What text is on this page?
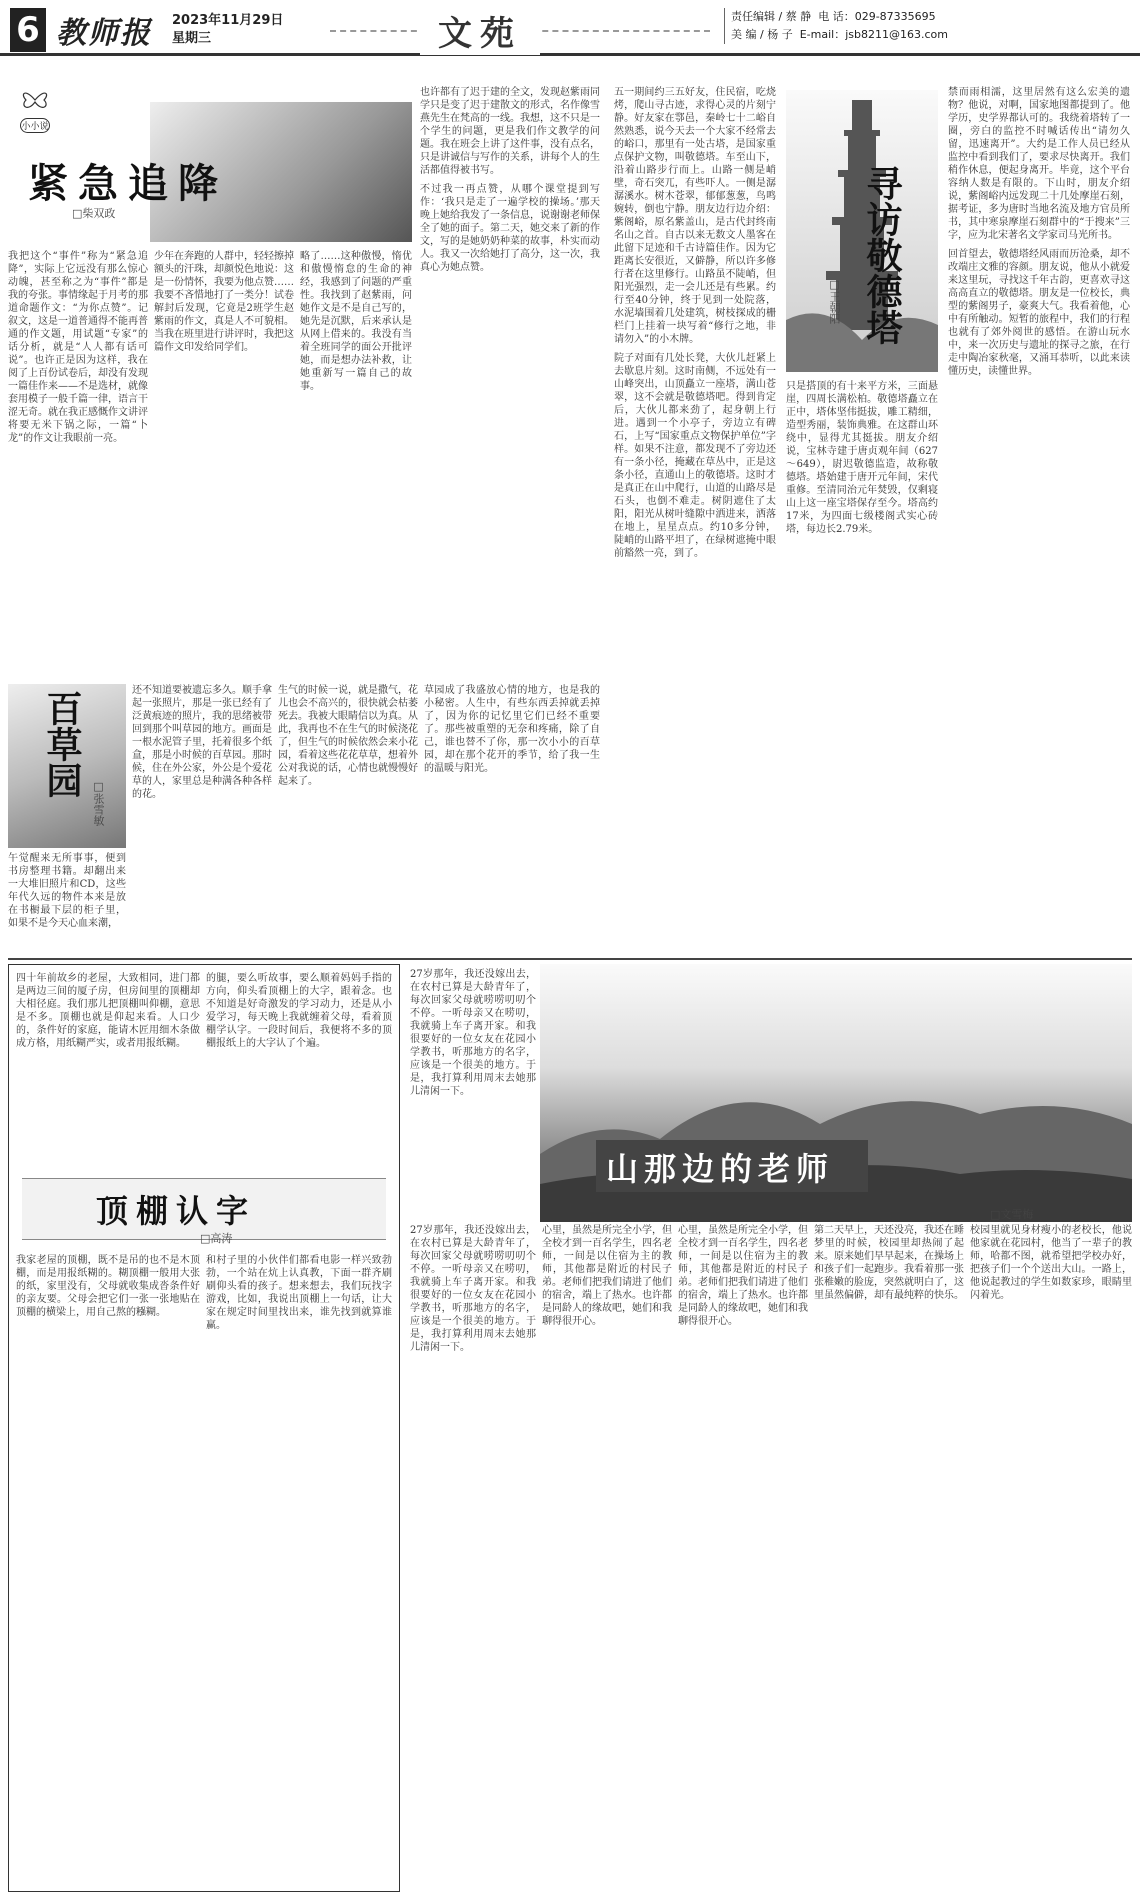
6 教师报 2023年11月29日
星期三	文苑	责任编辑 / 蔡 静 电 话：029-87335695
美 编 / 杨 子 E-mail：jsb8211@163.com
小小说
紧急追降
□柴双政

我把这个“事件”称为“紧急追降”，实际上它远没有那么惊心动魄，甚至称之为“事件”都是我的夸张。事情缘起于月考的那道命题作文：“为你点赞”。记叙文，这是一道普通得不能再普通的作文题，用试题“专家”的话分析，就是“人人都有话可说”。也许正是因为这样，我在阅了上百份试卷后，却没有发现一篇佳作来——不是选材，就像套用模子一般千篇一律，语言干涩无奇。就在我正感慨作文讲评将要无米下锅之际，一篇“卜龙”的作文让我眼前一亮。

少年在奔跑的人群中，轻轻擦掉额头的汗珠，却颜悦色地说：这是一份情怀，我要为他点赞……我要不吝惜地打了一类分！试卷解封后发现，它竟是2班学生赵紫雨的作文，真是人不可貌相。当我在班里进行讲评时，我把这篇作文印发给同学们。

略了……这种傲慢，惰优和傲慢惰怠的生命的神经，我感到了问题的严重性。我找到了赵紫雨，问她作文是不是自己写的，她先是沉默，后来承认是从网上借来的。我没有当着全班同学的面公开批评她，而是想办法补救，让她重新写一篇自己的故事。

也许都有了迟于建的全文，发现赵紫雨同学只是变了迟于建散文的形式，名作像雪燕先生在梵高的一线。我想，这不只是一个学生的问题，更是我们作文教学的问题。我在班会上讲了这件事，没有点名，只是讲诚信与写作的关系，讲每个人的生活都值得被书写。

不过我一再点赞，从哪个课堂提到写作：‘我只是走了一遍学校的操场。’那天晚上她给我发了一条信息，说谢谢老师保全了她的面子。第二天，她交来了新的作文，写的是她奶奶种菜的故事，朴实而动人。我又一次给她打了高分，这一次，我真心为她点赞。

五一期间约三五好友，住民宿，吃烧烤，爬山寻古迹，求得心灵的片刻宁静。好友家在鄠邑，秦岭七十二峪自然熟悉，说今天去一个大家不经常去的峪口，那里有一处古塔，是国家重点保护文物，叫敬德塔。车至山下，沿着山路步行而上。山路一侧是峭壁，奇石突兀，有些吓人。一侧是潺潺溪水。树木苍翠，郁郁葱葱，鸟鸣婉转，倒也宁静。朋友边行边介绍：紫阁峪，原名紫盖山，是古代封终南名山之首。自古以来无数文人墨客在此留下足迹和千古诗篇佳作。因为它距离长安很近，又僻静，所以许多修行者在这里修行。山路虽不陡峭，但阳光强烈，走一会儿还是有些累。约行至40分钟，终于见到一处院落，水泥墙围着几处建筑，树枝探成的栅栏门上挂着一块写着“修行之地，非请勿入”的小木牌。

院子对面有几处长凳，大伙儿赶紧上去歇息片刻。这时南侧，不远处有一山峰突出，山顶矗立一座塔，满山苍翠，这不会就是敬德塔吧。得到肯定后，大伙儿都来劲了，起身朝上行进。遇到一个小亭子，旁边立有碑石，上写“国家重点文物保护单位”字样。如果不注意，都发现不了旁边还有一条小径，掩藏在草丛中，正是这条小径，直通山上的敬德塔。这时才是真正在山中爬行，山道的山路尽是石头，也倒不难走。树阴遮住了太阳，阳光从树叶缝隙中洒进来，洒落在地上，星星点点。约10多分钟，陡峭的山路平坦了，在绿树遮掩中眼前豁然一亮，到了。

只是搭顶的有十来平方米，三面悬崖，四周长满松柏。敬德塔矗立在正中，塔体坚伟挺拔，雕工精细，造型秀丽，装饰典雅。在这群山环绕中，显得尤其挺拔。朋友介绍说，宝林寺建于唐贞观年间（627～649），尉迟敬德监造，故称敬德塔。塔始建于唐开元年间，宋代重修。至清同治元年焚毁，仅剩寝山上这一座宝塔保存至今。塔高约17米，为四面七级楼阁式实心砖塔，每边长2.79米。

寻访敬德塔
□王朝阳

禁而雨相濡，这里居然有这么宏美的遗物？他说，对啊，国家地图都提到了。他学历，史学界都认可的。我绕着塔转了一圈，旁白的监控不时喊话传出“请勿久留，迅速离开”。大约是工作人员已经从监控中看到我们了，要求尽快离开。我们稍作休息，便起身离开。毕竟，这个平台容纳人数是有限的。下山时，朋友介绍说，紫阁峪内远发现二十几处摩崖石刻，据考证，多为唐时当地名流及地方官员所书，其中寒泉摩崖石刻群中的“于搜来”三字，应为北宋著名文学家司马光所书。

回首望去，敬德塔经风雨而历沧桑，却不改端庄文雅的容颜。朋友说，他从小就爱来这里玩，寻找这千年古韵，更喜欢寻这高高直立的敬德塔。朋友是一位校长，典型的紫阁男子，豪爽大气。我看着他，心中有所触动。短暂的旅程中，我们的行程也就有了郊外阅世的感悟。在游山玩水中，来一次历史与遗址的探寻之旅，在行走中陶冶家秋毫，又涌耳恭听，以此来读懂历史，读懂世界。

百草园
□张雪敏

午觉醒来无所事事，便到书房整理书籍。却翻出来一大堆旧照片和CD，这些年代久远的物件本来是放在书橱最下层的柜子里，如果不是今天心血来潮，

还不知道要被遗忘多久。顺手拿起一张照片，那是一张已经有了泛黄痕迹的照片，我的思绪被带回到那个叫草园的地方。画面是一根水泥管子里，托着很多个纸盒，那是小时候的百草园。那时候，住在外公家，外公是个爱花草的人，家里总是种满各种各样的花。

生气的时候一说，就是撒气，花儿也会不高兴的，很快就会枯萎死去。我被大眼睛信以为真。从此，我再也不在生气的时候浇花了，但生气的时候依然会来小花园，看着这些花花草草，想着外公对我说的话，心情也就慢慢好起来了。

草园成了我盛放心情的地方，也是我的小秘密。人生中，有些东西丢掉就丢掉了，因为你的记忆里它们已经不重要了。那些被重塑的无奈和疼痛，除了自己，谁也替不了你，那一次小小的百草园，却在那个花开的季节，给了我一生的温暖与阳光。

四十年前故乡的老屋，大致相同，进门都是两边三间的厦子房，但房间里的顶棚却大相径庭。我们那儿把顶棚叫仰棚，意思是不多。顶棚也就是仰起来看。人口少的，条件好的家庭，能请木匠用细木条做成方格，用纸糊严实，或者用报纸糊。

的腿，要么听故事，要么顺着妈妈手指的方向，仰头看顶棚上的大字，跟着念。也不知道是好奇激发的学习动力，还是从小爱学习，每天晚上我就缠着父母，看着顶棚学认字。一段时间后，我便将不多的顶棚报纸上的大字认了个遍。

顶棚认字
□高涛

我家老屋的顶棚，既不是吊的也不是木顶棚，而是用报纸糊的。糊顶棚一般用大张的纸，家里没有，父母就收集成沓条件好的亲友要。父母会把它们一张一张地贴在顶棚的横梁上，用自己熬的糨糊。

和村子里的小伙伴们都看电影一样兴致勃勃，一个站在炕上认真教，下面一群齐刷刷仰头看的孩子。想来想去，我们玩找字游戏，比如，我说出顶棚上一句话，让大家在规定时间里找出来，谁先找到就算谁赢。

27岁那年，我还没嫁出去，在农村已算是大龄青年了，每次回家父母就唠唠叨叨个不停。一听母亲又在唠叨，我就骑上车子离开家。和我很要好的一位女友在花园小学教书，听那地方的名字，应该是一个很美的地方。于是，我打算利用周末去她那儿清闲一下。

山那边的老师
□文雪梅

27岁那年，我还没嫁出去，在农村已算是大龄青年了，每次回家父母就唠唠叨叨个不停。一听母亲又在唠叨，我就骑上车子离开家。和我很要好的一位女友在花园小学教书，听那地方的名字，应该是一个很美的地方。于是，我打算利用周末去她那儿清闲一下。

心里，虽然是所完全小学，但全校才到一百名学生，四名老师，一间是以住宿为主的教师，其他都是附近的村民子弟。老师们把我们请进了他们的宿舍，端上了热水。也许都是同龄人的缘故吧，她们和我聊得很开心。

心里，虽然是所完全小学，但全校才到一百名学生，四名老师，一间是以住宿为主的教师，其他都是附近的村民子弟。老师们把我们请进了他们的宿舍，端上了热水。也许都是同龄人的缘故吧，她们和我聊得很开心。

第二天早上，天还没亮，我还在睡梦里的时候，校园里却热闹了起来。原来她们早早起来，在操场上和孩子们一起跑步。我看着那一张张稚嫩的脸庞，突然就明白了，这里虽然偏僻，却有最纯粹的快乐。

校园里就见身材瘦小的老校长，他说他家就在花园村，他当了一辈子的教师，哈都不图，就希望把学校办好，把孩子们一个个送出大山。一路上，他说起教过的学生如数家珍，眼睛里闪着光。
